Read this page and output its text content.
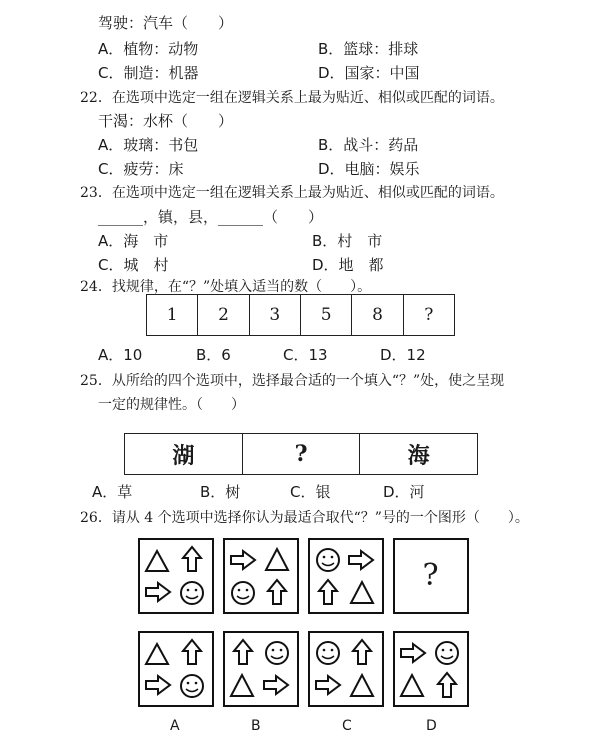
驾驶：汽车（　　）
A．植物：动物	B．篮球：排球
C．制造：机器	D．国家：中国
22．在选项中选定一组在逻辑关系上最为贴近、相似或匹配的词语。
干渴：水杯（　　）
A．玻璃：书包	B．战斗：药品
C．疲劳：床	D．电脑：娱乐
23．在选项中选定一组在逻辑关系上最为贴近、相似或匹配的词语。
______，镇，县，______（　　）
A．海　市	B．村　市
C．城　村	D．地　都
24．找规律，在“？”处填入适当的数（　　）。
1	2	3	5	8	?
A．10	B．6	C．13	D．12
25．从所给的四个选项中，选择最合适的一个填入“？”处，使之呈现
一定的规律性。（　　）
湖	?	海
A．草	B．树	C．银	D．河
26．请从 4 个选项中选择你认为最适合取代“？”号的一个图形（　　）。
?
A	B	C	D
